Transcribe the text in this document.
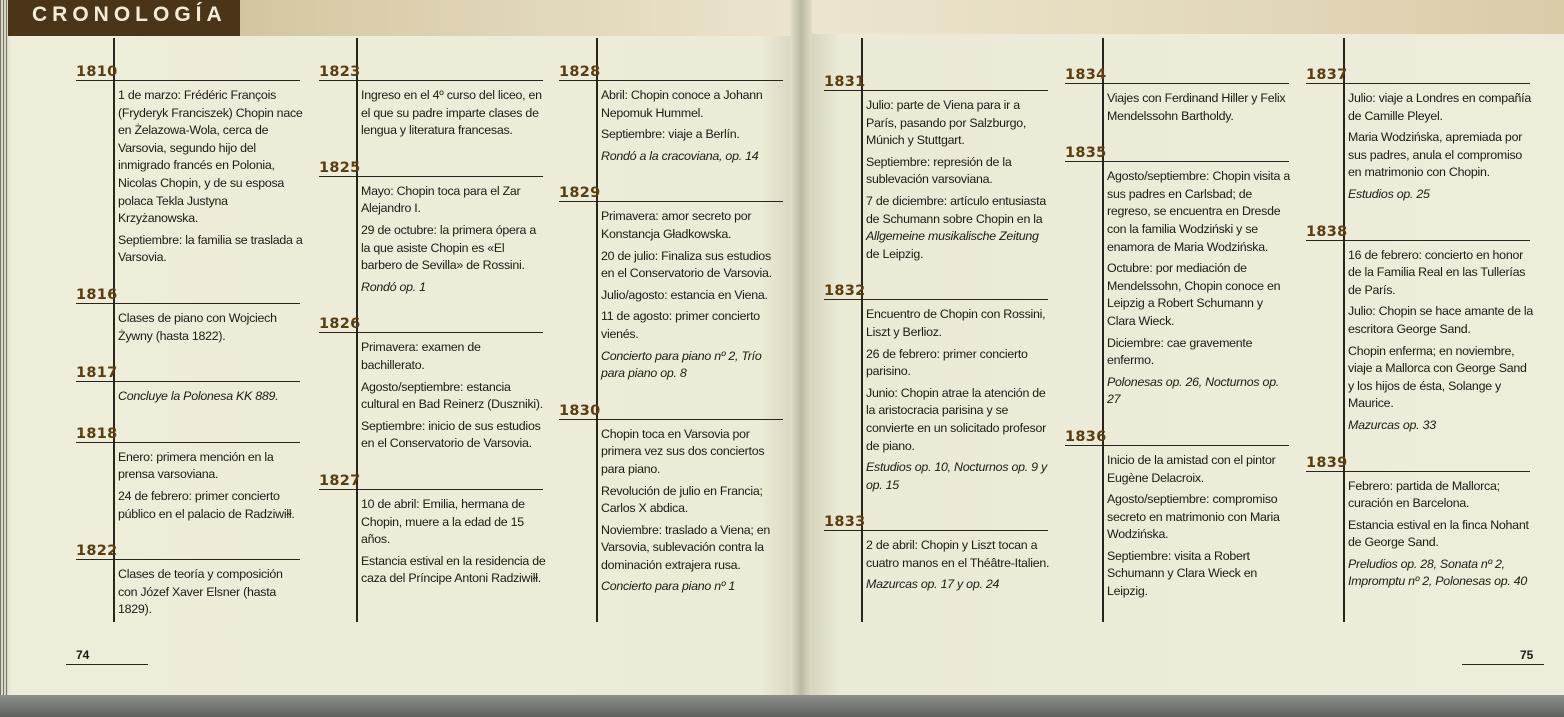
CRONOLOGÍA
1810
1 de marzo: Frédéric François (Fryderyk Franciszek) Chopin nace en Żelazowa-Wola, cerca de Varsovia, segundo hijo del inmigrado francés en Polonia, Nicolas Chopin, y de su esposa polaca Tekla Justyna Krzyżanowska.
Septiembre: la familia se traslada a Varsovia.
1816
Clases de piano con Wojciech Żywny (hasta 1822).
1817
Concluye la Polonesa KK 889.
1818
Enero: primera mención en la prensa varsoviana.
24 de febrero: primer concierto público en el palacio de Radziwiłł.
1822
Clases de teoría y composición con Józef Xaver Elsner (hasta 1829).
1823
Ingreso en el 4º curso del liceo, en el que su padre imparte clases de lengua y literatura francesas.
1825
Mayo: Chopin toca para el Zar Alejandro I.
29 de octubre: la primera ópera a la que asiste Chopin es «El barbero de Sevilla» de Rossini.
Rondó op. 1
1826
Primavera: examen de bachillerato.
Agosto/septiembre: estancia cultural en Bad Reinerz (Duszniki).
Septiembre: inicio de sus estudios en el Conservatorio de Varsovia.
1827
10 de abril: Emilia, hermana de Chopin, muere a la edad de 15 años.
Estancia estival en la residencia de caza del Príncipe Antoni Radziwiłł.
1828
Abril: Chopin conoce a Johann Nepomuk Hummel.
Septiembre: viaje a Berlín.
Rondó a la cracoviana, op. 14
1829
Primavera: amor secreto por Konstancja Gładkowska.
20 de julio: Finaliza sus estudios en el Conservatorio de Varsovia.
Julio/agosto: estancia en Viena.
11 de agosto: primer concierto vienés.
Concierto para piano nº 2, Trío para piano op. 8
1830
Chopin toca en Varsovia por primera vez sus dos conciertos para piano.
Revolución de julio en Francia; Carlos X abdica.
Noviembre: traslado a Viena; en Varsovia, sublevación contra la dominación extrajera rusa.
Concierto para piano nº 1
1831
Julio: parte de Viena para ir a París, pasando por Salzburgo, Múnich y Stuttgart.
Septiembre: represión de la sublevación varsoviana.
7 de diciembre: artículo entusiasta de Schumann sobre Chopin en la Allgemeine musikalische Zeitung de Leipzig.
1832
Encuentro de Chopin con Rossini, Liszt y Berlioz.
26 de febrero: primer concierto parisino.
Junio: Chopin atrae la atención de la aristocracia parisina y se convierte en un solicitado profesor de piano.
Estudios op. 10, Nocturnos op. 9 y op. 15
1833
2 de abril: Chopin y Liszt tocan a cuatro manos en el Théâtre-Italien.
Mazurcas op. 17 y op. 24
1834
Viajes con Ferdinand Hiller y Felix Mendelssohn Bartholdy.
1835
Agosto/septiembre: Chopin visita a sus padres en Carlsbad; de regreso, se encuentra en Dresde con la familia Wodziński y se enamora de Maria Wodzińska.
Octubre: por mediación de Mendelssohn, Chopin conoce en Leipzig a Robert Schumann y Clara Wieck.
Diciembre: cae gravemente enfermo.
Polonesas op. 26, Nocturnos op. 27
1836
Inicio de la amistad con el pintor Eugène Delacroix.
Agosto/septiembre: compromiso secreto en matrimonio con Maria Wodzińska.
Septiembre: visita a Robert Schumann y Clara Wieck en Leipzig.
1837
Julio: viaje a Londres en compañía de Camille Pleyel.
Maria Wodzińska, apremiada por sus padres, anula el compromiso en matrimonio con Chopin.
Estudios op. 25
1838
16 de febrero: concierto en honor de la Familia Real en las Tullerías de París.
Julio: Chopin se hace amante de la escritora George Sand.
Chopin enferma; en noviembre, viaje a Mallorca con George Sand y los hijos de ésta, Solange y Maurice.
Mazurcas op. 33
1839
Febrero: partida de Mallorca; curación en Barcelona.
Estancia estival en la finca Nohant de George Sand.
Preludios op. 28, Sonata nº 2, Impromptu nº 2, Polonesas op. 40
74	75
